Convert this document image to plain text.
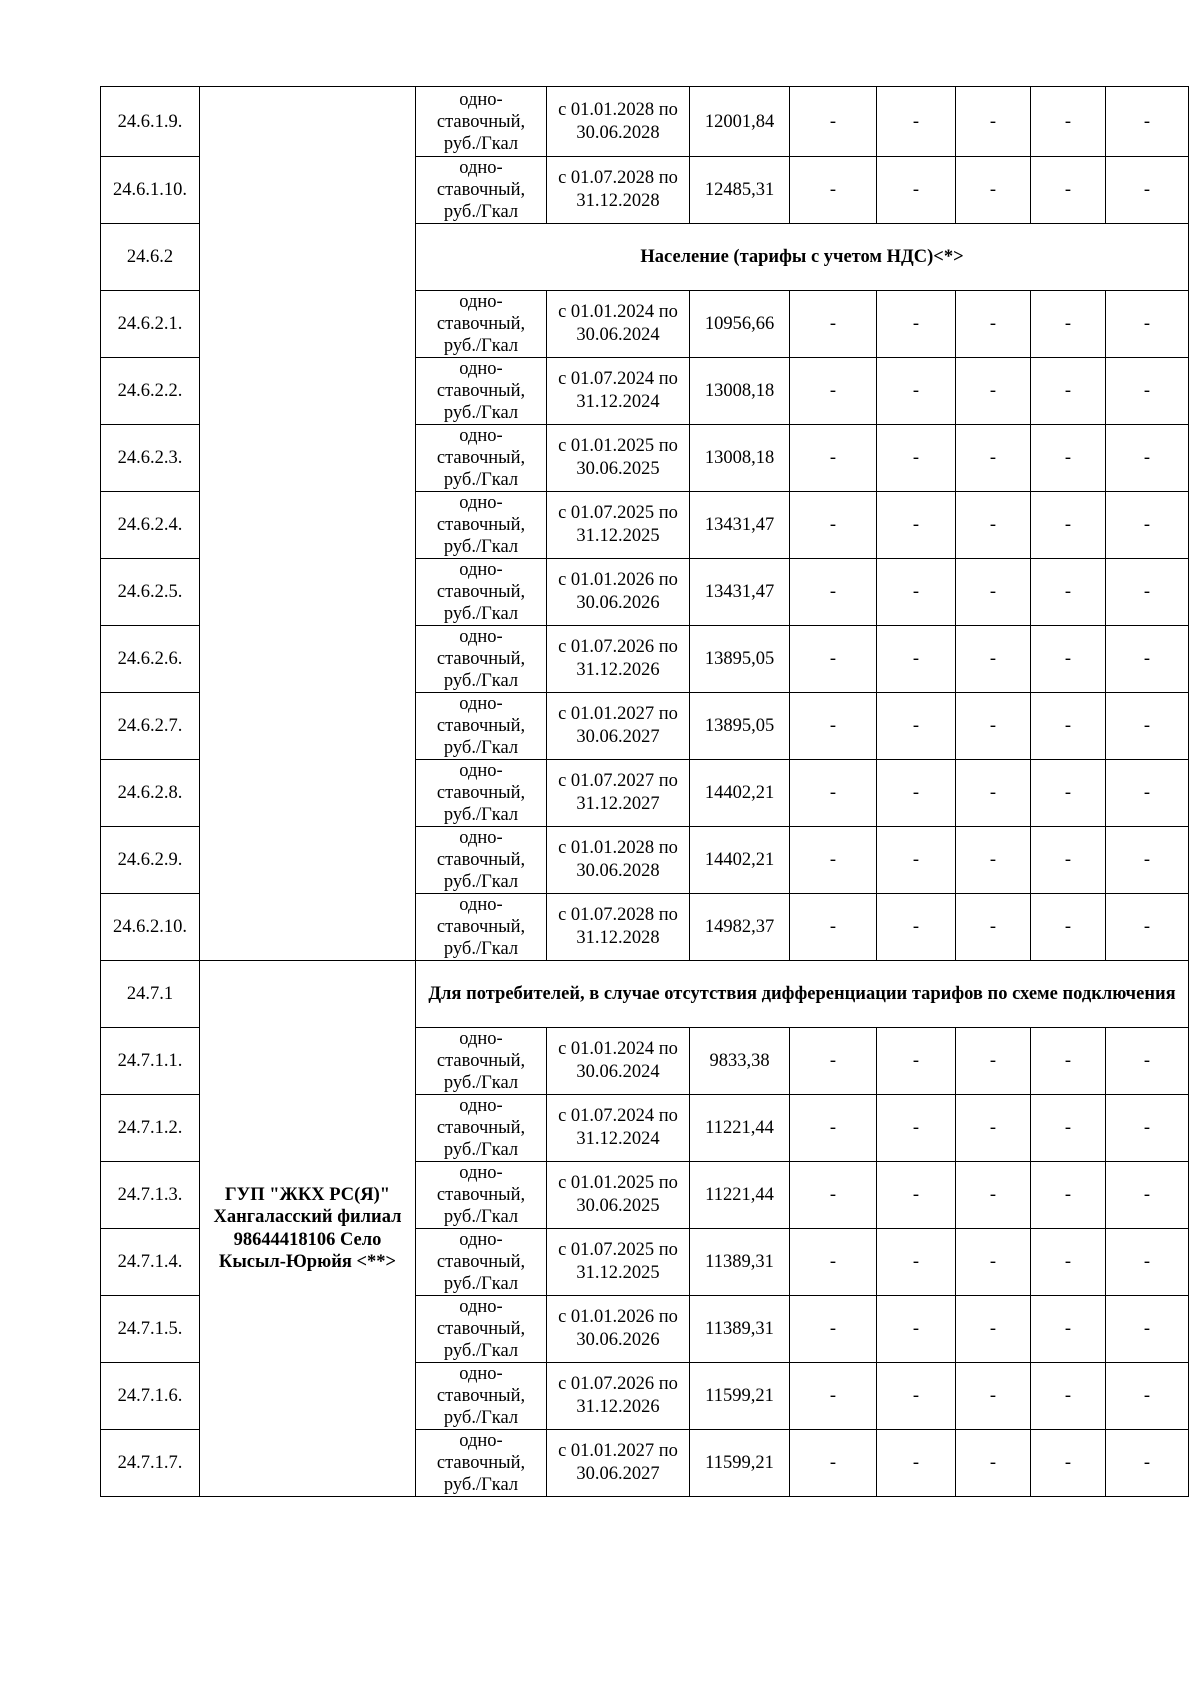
24.6.1.9.		одно-ставочный, руб./Гкал	с 01.01.2028 по 30.06.2028	12001,84	-	-	-	-	-
24.6.1.10.		одно-ставочный, руб./Гкал	с 01.07.2028 по 31.12.2028	12485,31	-	-	-	-	-
24.6.2		Население (тарифы с учетом НДС)<*>							
24.6.2.1.		одно-ставочный, руб./Гкал	с 01.01.2024 по 30.06.2024	10956,66	-	-	-	-	-
24.6.2.2.		одно-ставочный, руб./Гкал	с 01.07.2024 по 31.12.2024	13008,18	-	-	-	-	-
24.6.2.3.		одно-ставочный, руб./Гкал	с 01.01.2025 по 30.06.2025	13008,18	-	-	-	-	-
24.6.2.4.		одно-ставочный, руб./Гкал	с 01.07.2025 по 31.12.2025	13431,47	-	-	-	-	-
24.6.2.5.		одно-ставочный, руб./Гкал	с 01.01.2026 по 30.06.2026	13431,47	-	-	-	-	-
24.6.2.6.		одно-ставочный, руб./Гкал	с 01.07.2026 по 31.12.2026	13895,05	-	-	-	-	-
24.6.2.7.		одно-ставочный, руб./Гкал	с 01.01.2027 по 30.06.2027	13895,05	-	-	-	-	-
24.6.2.8.		одно-ставочный, руб./Гкал	с 01.07.2027 по 31.12.2027	14402,21	-	-	-	-	-
24.6.2.9.		одно-ставочный, руб./Гкал	с 01.01.2028 по 30.06.2028	14402,21	-	-	-	-	-
24.6.2.10.		одно-ставочный, руб./Гкал	с 01.07.2028 по 31.12.2028	14982,37	-	-	-	-	-
24.7.1	ГУП "ЖКХ РС(Я)" Хангаласский филиал 98644418106 Село Кысыл-Юрюйя <**>	Для потребителей, в случае отсутствия дифференциации тарифов по схеме подключения							
24.7.1.1.		одно-ставочный, руб./Гкал	с 01.01.2024 по 30.06.2024	9833,38	-	-	-	-	-
24.7.1.2.		одно-ставочный, руб./Гкал	с 01.07.2024 по 31.12.2024	11221,44	-	-	-	-	-
24.7.1.3.		одно-ставочный, руб./Гкал	с 01.01.2025 по 30.06.2025	11221,44	-	-	-	-	-
24.7.1.4.		одно-ставочный, руб./Гкал	с 01.07.2025 по 31.12.2025	11389,31	-	-	-	-	-
24.7.1.5.		одно-ставочный, руб./Гкал	с 01.01.2026 по 30.06.2026	11389,31	-	-	-	-	-
24.7.1.6.		одно-ставочный, руб./Гкал	с 01.07.2026 по 31.12.2026	11599,21	-	-	-	-	-
24.7.1.7.		одно-ставочный, руб./Гкал	с 01.01.2027 по 30.06.2027	11599,21	-	-	-	-	-
